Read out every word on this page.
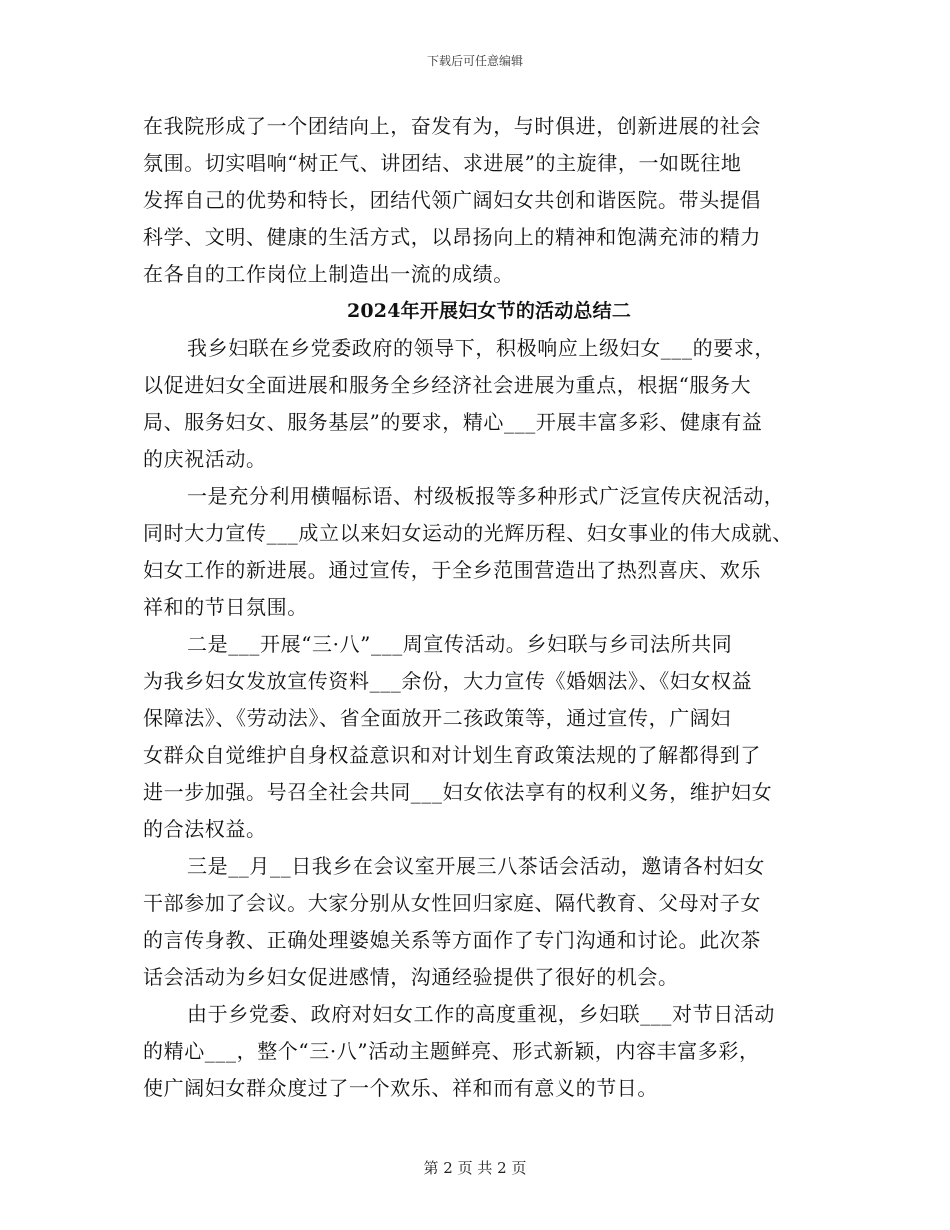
下载后可任意编辑
在我院形成了一个团结向上，奋发有为，与时俱进，创新进展的社会
氛围。切实唱响“树正气、讲团结、求进展”的主旋律，一如既往地
发挥自己的优势和特长，团结代领广阔妇女共创和谐医院。带头提倡
科学、文明、健康的生活方式，以昂扬向上的精神和饱满充沛的精力
在各自的工作岗位上制造出一流的成绩。
2024年开展妇女节的活动总结二
我乡妇联在乡党委政府的领导下，积极响应上级妇女___的要求，
以促进妇女全面进展和服务全乡经济社会进展为重点，根据“服务大
局、服务妇女、服务基层”的要求，精心___开展丰富多彩、健康有益
的庆祝活动。
一是充分利用横幅标语、村级板报等多种形式广泛宣传庆祝活动，
同时大力宣传___成立以来妇女运动的光辉历程、妇女事业的伟大成就、
妇女工作的新进展。通过宣传，于全乡范围营造出了热烈喜庆、欢乐
祥和的节日氛围。
二是___开展“三·八”___周宣传活动。乡妇联与乡司法所共同
为我乡妇女发放宣传资料___余份，大力宣传《婚姻法》、《妇女权益
保障法》、《劳动法》、省全面放开二孩政策等，通过宣传，广阔妇
女群众自觉维护自身权益意识和对计划生育政策法规的了解都得到了
进一步加强。号召全社会共同___妇女依法享有的权利义务，维护妇女
的合法权益。
三是__月__日我乡在会议室开展三八茶话会活动，邀请各村妇女
干部参加了会议。大家分别从女性回归家庭、隔代教育、父母对子女
的言传身教、正确处理婆媳关系等方面作了专门沟通和讨论。此次茶
话会活动为乡妇女促进感情，沟通经验提供了很好的机会。
由于乡党委、政府对妇女工作的高度重视，乡妇联___对节日活动
的精心___，整个“三·八”活动主题鲜亮、形式新颖，内容丰富多彩，
使广阔妇女群众度过了一个欢乐、祥和而有意义的节日。
第 2 页 共 2 页
